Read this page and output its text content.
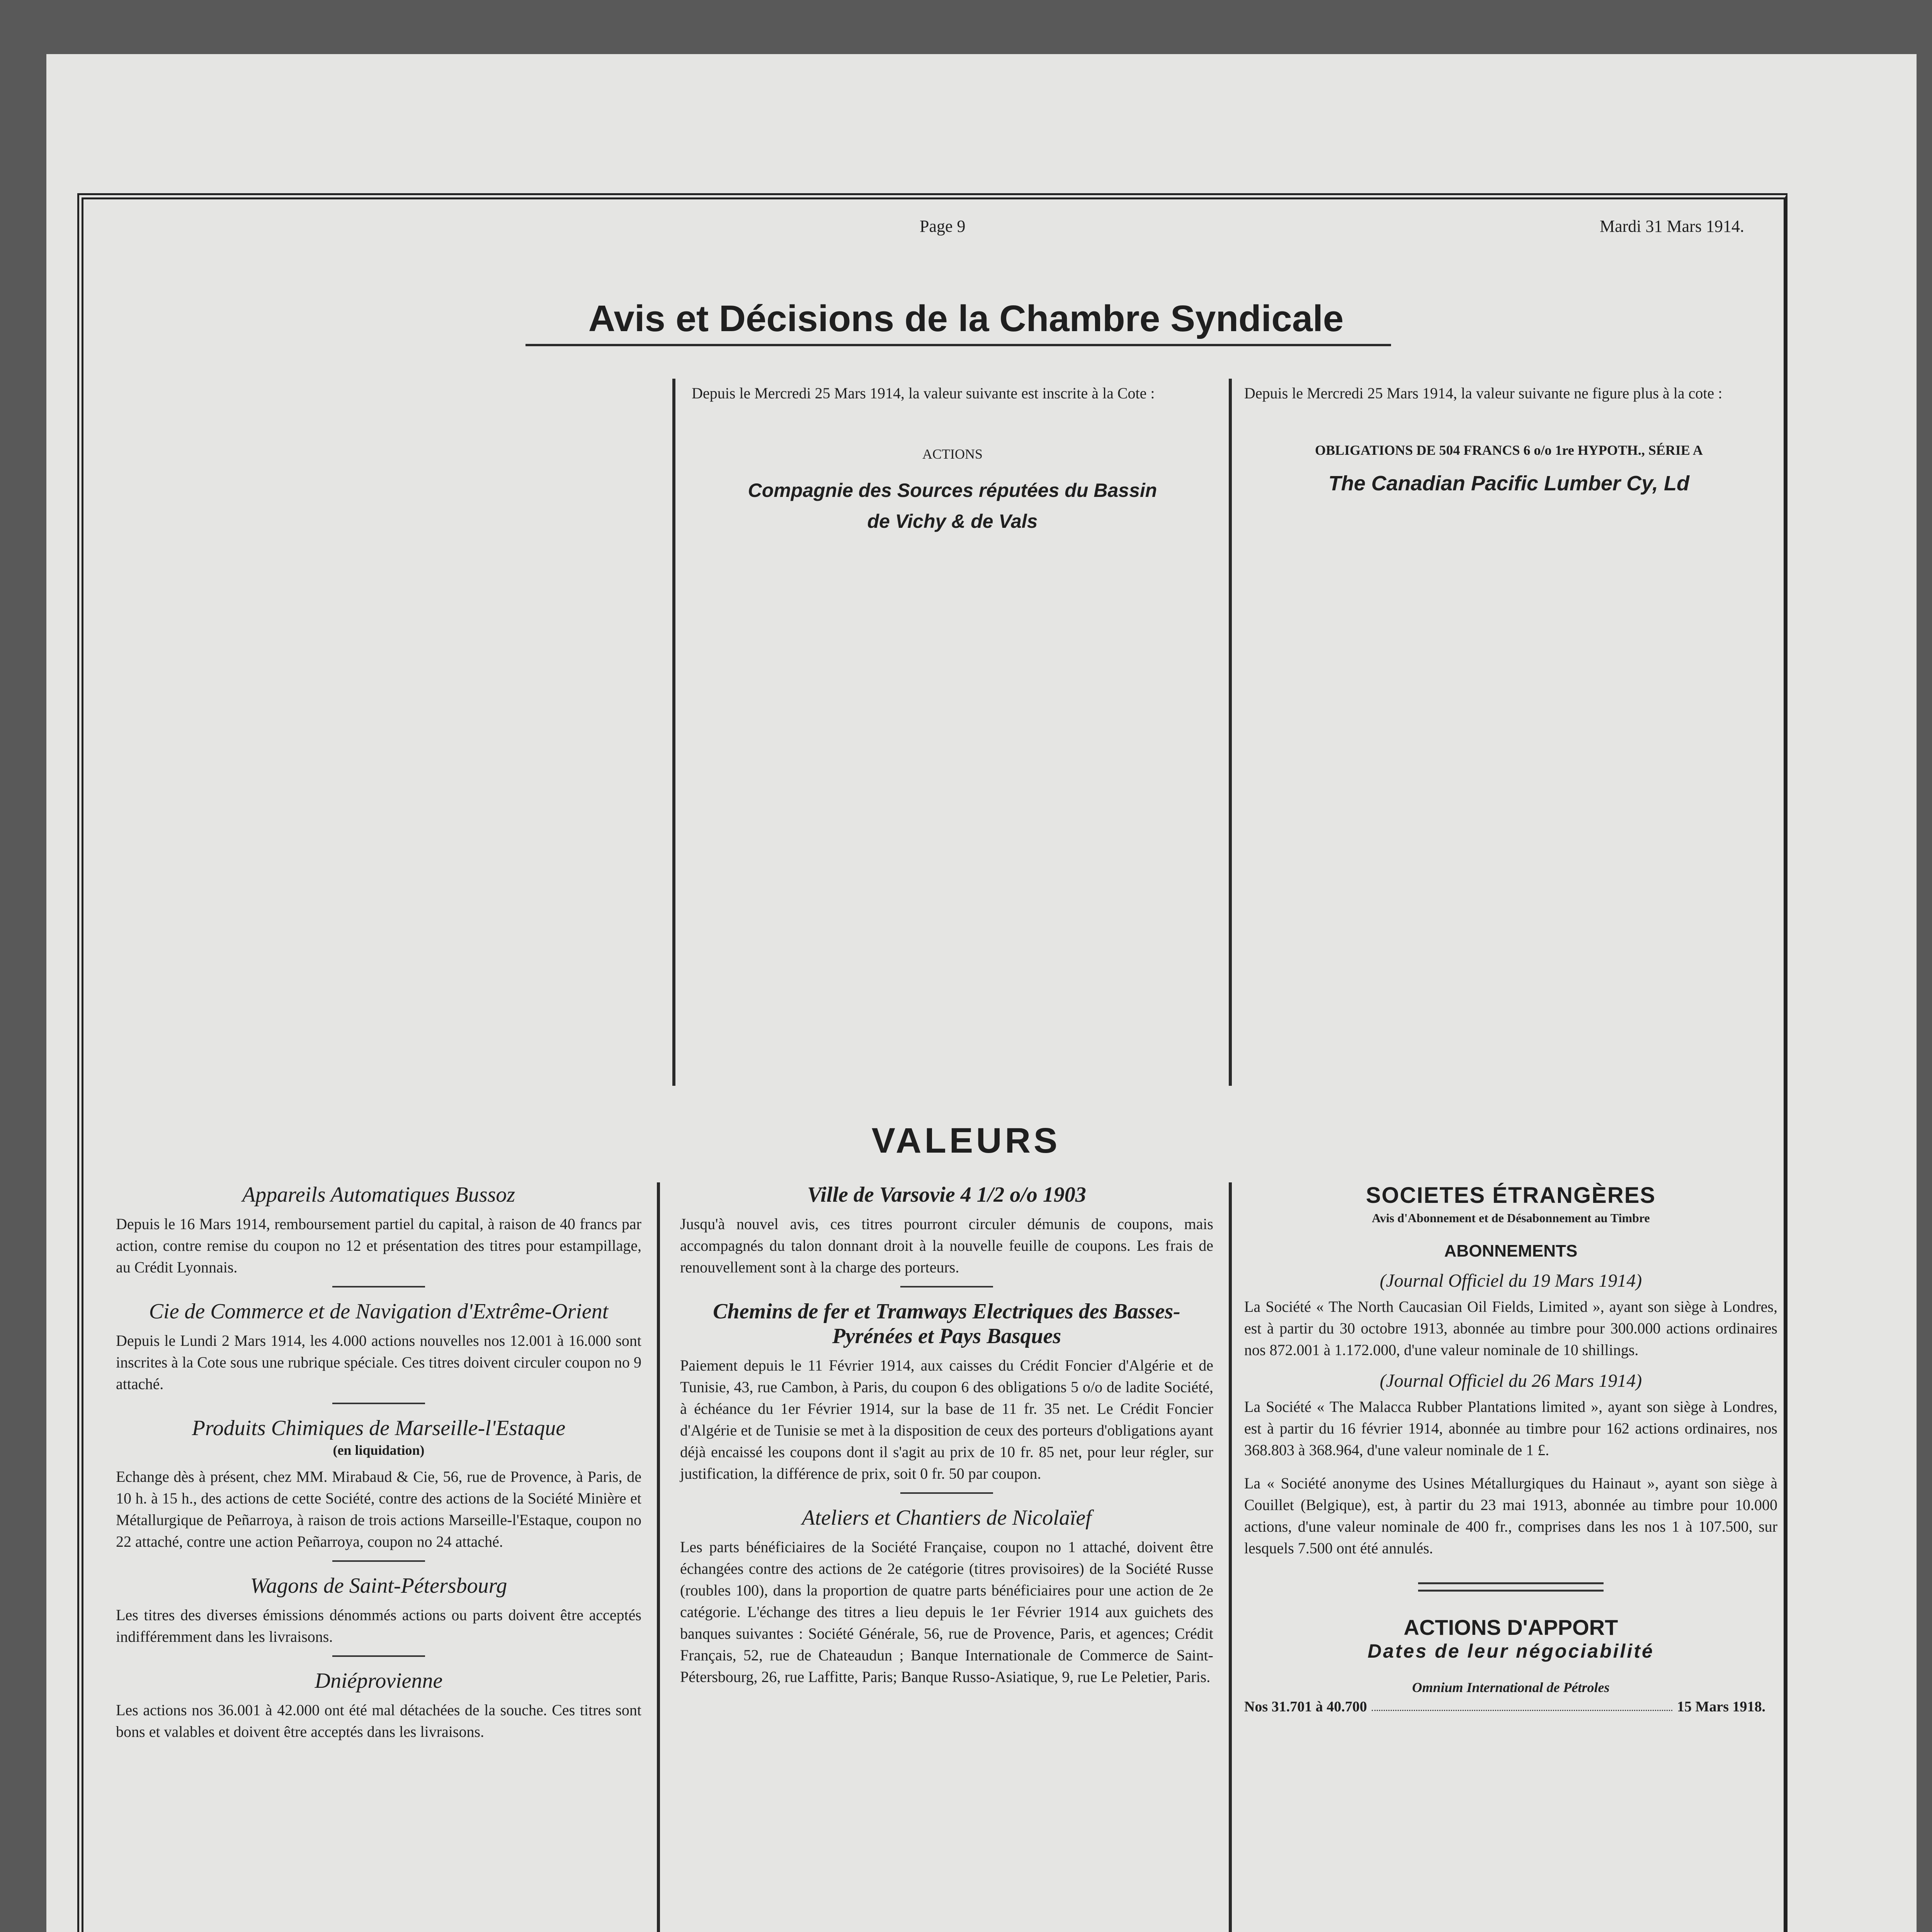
Page 9	Mardi 31 Mars 1914.
Avis et Décisions de la Chambre Syndicale
Depuis le Mercredi 25 Mars 1914, la valeur suivante est inscrite à la Cote :
ACTIONS
Compagnie des Sources réputées du Bassin
de Vichy & de Vals
Depuis le Mercredi 25 Mars 1914, la valeur suivante ne figure plus à la cote :
OBLIGATIONS DE 504 FRANCS 6 o/o 1re HYPOTH., SÉRIE A
The Canadian Pacific Lumber Cy, Ld
VALEURS
Appareils Automatiques Bussoz
Depuis le 16 Mars 1914, remboursement partiel du capital, à raison de 40 francs par action, contre remise du coupon no 12 et présentation des titres pour estampillage, au Crédit Lyonnais.
Cie de Commerce et de Navigation d'Extrême-Orient
Depuis le Lundi 2 Mars 1914, les 4.000 actions nouvelles nos 12.001 à 16.000 sont inscrites à la Cote sous une rubrique spéciale. Ces titres doivent circuler coupon no 9 attaché.
Produits Chimiques de Marseille-l'Estaque
(en liquidation)
Echange dès à présent, chez MM. Mirabaud & Cie, 56, rue de Provence, à Paris, de 10 h. à 15 h., des actions de cette Société, contre des actions de la Société Minière et Métallurgique de Peñarroya, à raison de trois actions Marseille-l'Estaque, coupon no 22 attaché, contre une action Peñarroya, coupon no 24 attaché.
Wagons de Saint-Pétersbourg
Les titres des diverses émissions dénommés actions ou parts doivent être acceptés indifféremment dans les livraisons.
Dniéprovienne
Les actions nos 36.001 à 42.000 ont été mal détachées de la souche. Ces titres sont bons et valables et doivent être acceptés dans les livraisons.
Ville de Varsovie 4 1/2 o/o 1903
Jusqu'à nouvel avis, ces titres pourront circuler démunis de coupons, mais accompagnés du talon donnant droit à la nouvelle feuille de coupons. Les frais de renouvellement sont à la charge des porteurs.
Chemins de fer et Tramways Electriques des Basses-Pyrénées et Pays Basques
Paiement depuis le 11 Février 1914, aux caisses du Crédit Foncier d'Algérie et de Tunisie, 43, rue Cambon, à Paris, du coupon 6 des obligations 5 o/o de ladite Société, à échéance du 1er Février 1914, sur la base de 11 fr. 35 net. Le Crédit Foncier d'Algérie et de Tunisie se met à la disposition de ceux des porteurs d'obligations ayant déjà encaissé les coupons dont il s'agit au prix de 10 fr. 85 net, pour leur régler, sur justification, la différence de prix, soit 0 fr. 50 par coupon.
Ateliers et Chantiers de Nicolaïef
Les parts bénéficiaires de la Société Française, coupon no 1 attaché, doivent être échangées contre des actions de 2e catégorie (titres provisoires) de la Société Russe (roubles 100), dans la proportion de quatre parts bénéficiaires pour une action de 2e catégorie. L'échange des titres a lieu depuis le 1er Février 1914 aux guichets des banques suivantes : Société Générale, 56, rue de Provence, Paris, et agences; Crédit Français, 52, rue de Chateaudun ; Banque Internationale de Commerce de Saint-Pétersbourg, 26, rue Laffitte, Paris; Banque Russo-Asiatique, 9, rue Le Peletier, Paris.
SOCIETES ÉTRANGÈRES
Avis d'Abonnement et de Désabonnement au Timbre
ABONNEMENTS
(Journal Officiel du 19 Mars 1914)
La Société « The North Caucasian Oil Fields, Limited », ayant son siège à Londres, est à partir du 30 octobre 1913, abonnée au timbre pour 300.000 actions ordinaires nos 872.001 à 1.172.000, d'une valeur nominale de 10 shillings.
(Journal Officiel du 26 Mars 1914)
La Société « The Malacca Rubber Plantations limited », ayant son siège à Londres, est à partir du 16 février 1914, abonnée au timbre pour 162 actions ordinaires, nos 368.803 à 368.964, d'une valeur nominale de 1 £.
La « Société anonyme des Usines Métallurgiques du Hainaut », ayant son siège à Couillet (Belgique), est, à partir du 23 mai 1913, abonnée au timbre pour 10.000 actions, d'une valeur nominale de 400 fr., comprises dans les nos 1 à 107.500, sur lesquels 7.500 ont été annulés.
ACTIONS D'APPORT
Dates de leur négociabilité
Omnium International de Pétroles
Nos 31.701 à 40.700	15 Mars 1918.
